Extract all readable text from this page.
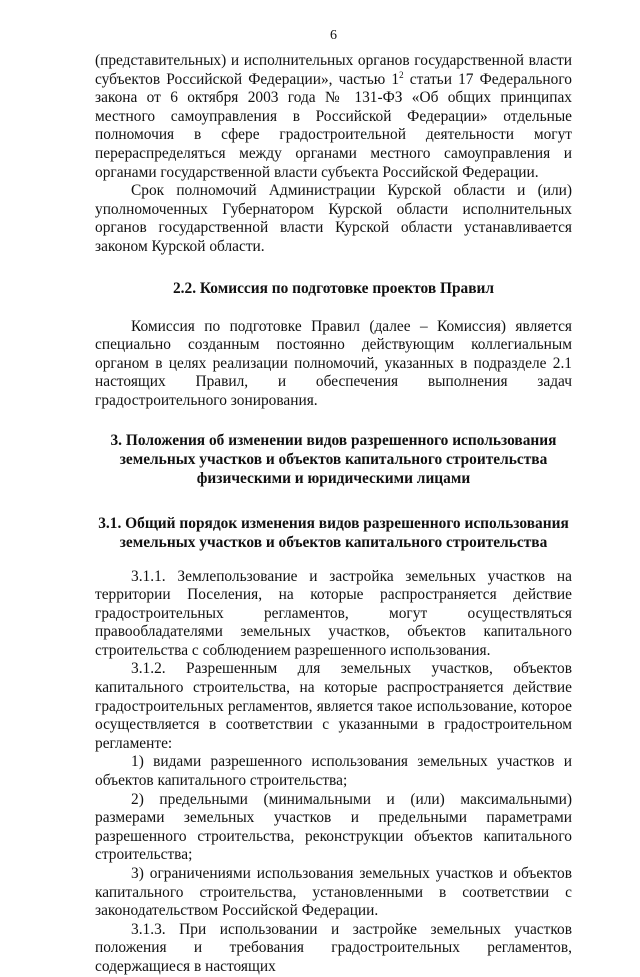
6

(представительных) и исполнительных органов государственной власти субъектов Российской Федерации», частью $1^2$ статьи 17 Федерального закона от 6 октября 2003 года № 131-ФЗ «Об общих принципах местного самоуправления в Российской Федерации» отдельные полномочия в сфере градостроительной деятельности могут перераспределяться между органами местного самоуправления и органами государственной власти субъекта Российской Федерации.

Срок полномочий Администрации Курской области и (или) уполномоченных Губернатором Курской области исполнительных органов государственной власти Курской области устанавливается законом Курской области.

2.2. Комиссия по подготовке проектов Правил

Комиссия по подготовке Правил (далее – Комиссия) является специально созданным постоянно действующим коллегиальным органом в целях реализации полномочий, указанных в подразделе 2.1 настоящих Правил, и обеспечения выполнения задач градостроительного зонирования.

3. Положения об изменении видов разрешенного использования земельных участков и объектов капитального строительства физическими и юридическими лицами
3.1. Общий порядок изменения видов разрешенного использования земельных участков и объектов капитального строительства

3.1.1. Землепользование и застройка земельных участков на территории Поселения, на которые распространяется действие градостроительных регламентов, могут осуществляться правообладателями земельных участков, объектов капитального строительства с соблюдением разрешенного использования.

3.1.2. Разрешенным для земельных участков, объектов капитального строительства, на которые распространяется действие градостроительных регламентов, является такое использование, которое осуществляется в соответствии с указанными в градостроительном регламенте:

1) видами разрешенного использования земельных участков и объектов капитального строительства;

2) предельными (минимальными и (или) максимальными) размерами земельных участков и предельными параметрами разрешенного строительства, реконструкции объектов капитального строительства;

3) ограничениями использования земельных участков и объектов капитального строительства, установленными в соответствии с законодательством Российской Федерации.

3.1.3. При использовании и застройке земельных участков положения и требования градостроительных регламентов, содержащиеся в настоящих
